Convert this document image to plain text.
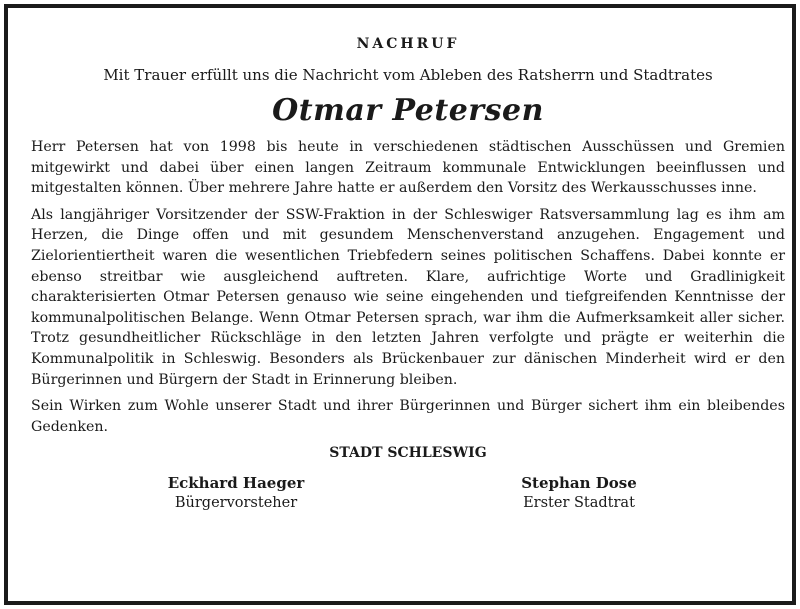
NACHRUF
Mit Trauer erfüllt uns die Nachricht vom Ableben des Ratsherrn und Stadtrates
Otmar Petersen

Herr Petersen hat von 1998 bis heute in verschiedenen städtischen Ausschüssen und Gremien mitgewirkt und dabei über einen langen Zeitraum kommunale Entwicklungen beeinflussen und mitgestalten können. Über mehrere Jahre hatte er außerdem den Vorsitz des Werkausschusses inne.

Als langjähriger Vorsitzender der SSW-Fraktion in der Schleswiger Ratsversammlung lag es ihm am Herzen, die Dinge offen und mit gesundem Menschenverstand anzugehen. Engagement und Zielorientiertheit waren die wesentlichen Triebfedern seines politischen Schaffens. Dabei konnte er ebenso streitbar wie ausgleichend auftreten. Klare, aufrichtige Worte und Gradlinigkeit charakterisierten Otmar Petersen genauso wie seine eingehenden und tiefgreifenden Kenntnisse der kommunalpolitischen Belange. Wenn Otmar Petersen sprach, war ihm die Aufmerksamkeit aller sicher. Trotz gesundheitlicher Rückschläge in den letzten Jahren verfolgte und prägte er weiterhin die Kommunalpolitik in Schleswig. Besonders als Brückenbauer zur dänischen Minderheit wird er den Bürgerinnen und Bürgern der Stadt in Erinnerung bleiben.

Sein Wirken zum Wohle unserer Stadt und ihrer Bürgerinnen und Bürger sichert ihm ein bleibendes Gedenken.

STADT SCHLESWIG
Eckhard Haeger
Bürgervorsteher
Stephan Dose
Erster Stadtrat
